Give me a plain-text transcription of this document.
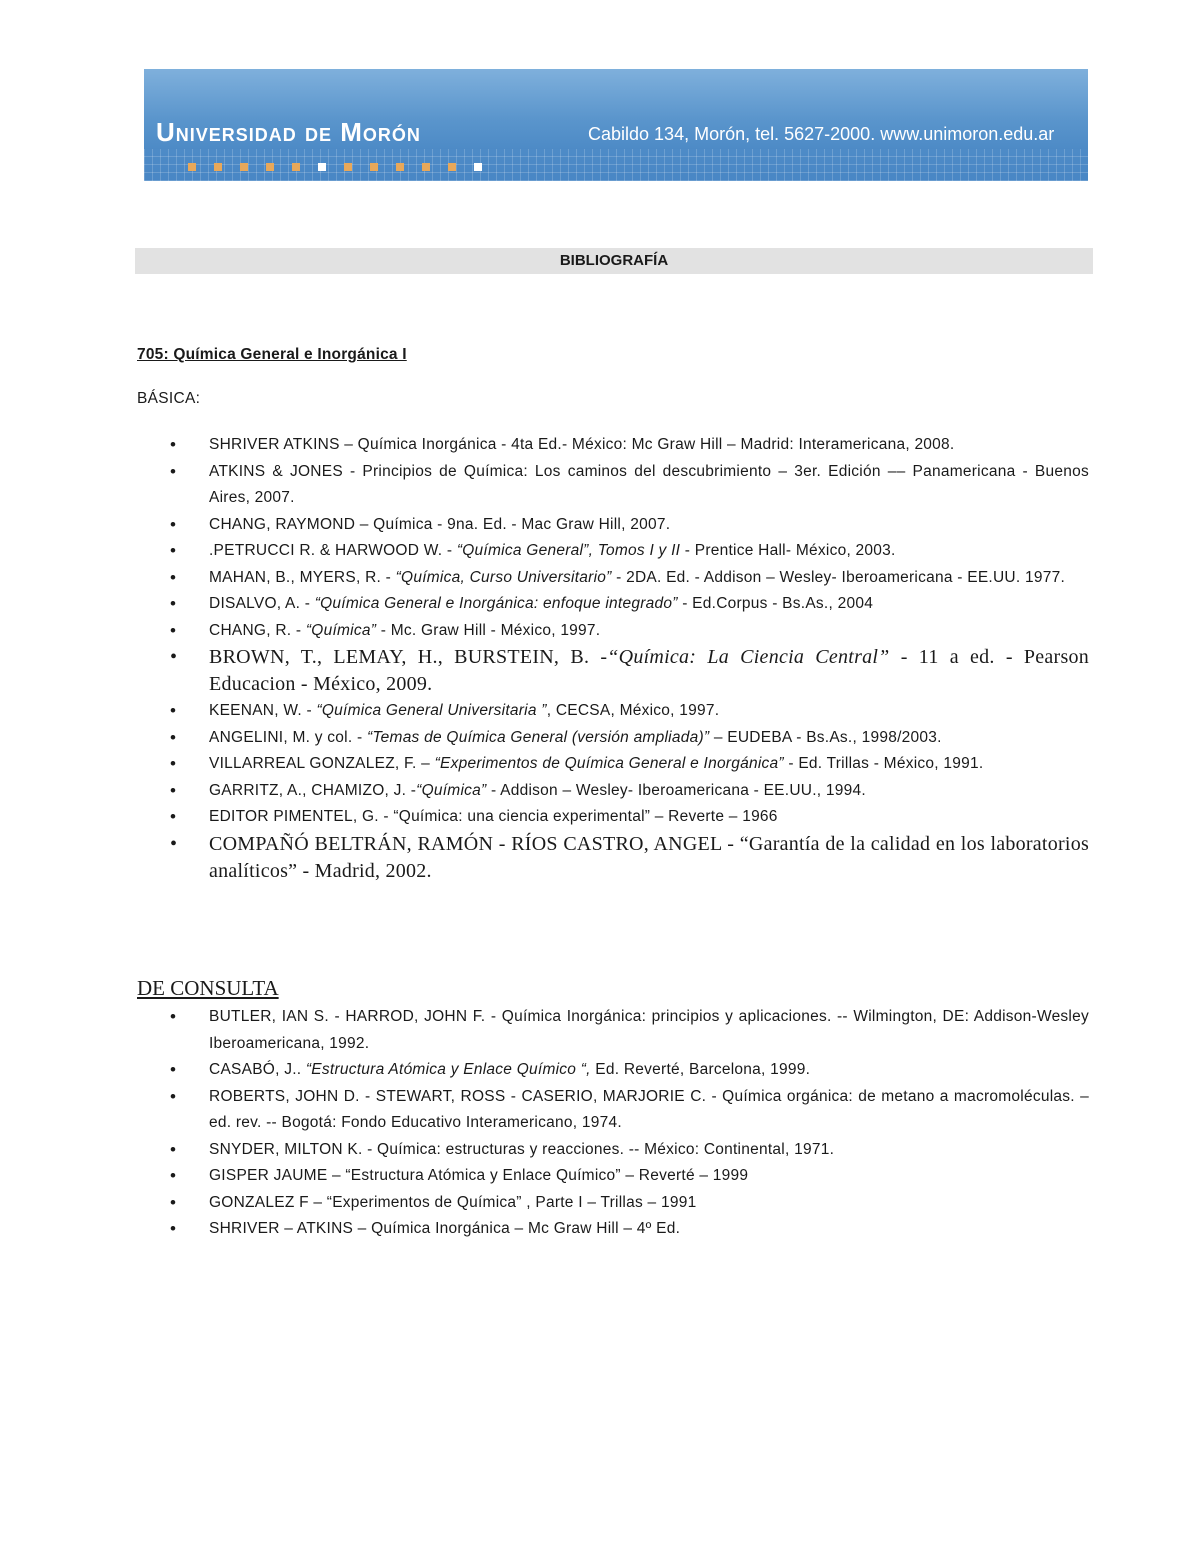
Universidad de Morón	Cabildo 134, Morón, tel. 5627-2000. www.unimoron.edu.ar
BIBLIOGRAFÍA
705: Química General e Inorgánica I
BÁSICA:
• SHRIVER ATKINS – Química Inorgánica - 4ta Ed.- México: Mc Graw Hill – Madrid: Interamericana, 2008.
• ATKINS & JONES - Principios de Química: Los caminos del descubrimiento – 3er. Edición –– Panamericana - Buenos Aires, 2007.
• CHANG, RAYMOND – Química - 9na. Ed. - Mac Graw Hill, 2007.
• .PETRUCCI R. & HARWOOD W. - “Química General”, Tomos I y II - Prentice Hall- México, 2003.
• MAHAN, B., MYERS, R. - “Química, Curso Universitario” - 2DA. Ed. - Addison – Wesley- Iberoamericana - EE.UU. 1977.
• DISALVO, A. - “Química General e Inorgánica: enfoque integrado” - Ed.Corpus - Bs.As., 2004
• CHANG, R. - “Química” - Mc. Graw Hill - México, 1997.
• BROWN, T., LEMAY, H., BURSTEIN, B. -“Química: La Ciencia Central” - 11 a ed. - Pearson Educacion - México, 2009.
• KEENAN, W. - “Química General Universitaria ”, CECSA, México, 1997.
• ANGELINI, M. y col. - “Temas de Química General (versión ampliada)” – EUDEBA - Bs.As., 1998/2003.
• VILLARREAL GONZALEZ, F. – “Experimentos de Química General e Inorgánica” - Ed. Trillas - México, 1991.
• GARRITZ, A., CHAMIZO, J. -“Química” - Addison – Wesley- Iberoamericana - EE.UU., 1994.
• EDITOR PIMENTEL, G. - “Química: una ciencia experimental” – Reverte – 1966
• COMPAÑÓ BELTRÁN, RAMÓN - RÍOS CASTRO, ANGEL - “Garantía de la calidad en los laboratorios analíticos” - Madrid, 2002.
DE CONSULTA
• BUTLER, IAN S. - HARROD, JOHN F. - Química Inorgánica: principios y aplicaciones. -- Wilmington, DE: Addison-Wesley Iberoamericana, 1992.
• CASABÓ, J.. “Estructura Atómica y Enlace Químico “, Ed. Reverté, Barcelona, 1999.
• ROBERTS, JOHN D. - STEWART, ROSS - CASERIO, MARJORIE C. - Química orgánica: de metano a macromoléculas. – ed. rev. -- Bogotá: Fondo Educativo Interamericano, 1974.
• SNYDER, MILTON K. - Química: estructuras y reacciones. -- México: Continental, 1971.
• GISPER JAUME – “Estructura Atómica y Enlace Químico” – Reverté – 1999
• GONZALEZ F – “Experimentos de Química” , Parte I – Trillas – 1991
• SHRIVER – ATKINS – Química Inorgánica – Mc Graw Hill – 4º Ed.
